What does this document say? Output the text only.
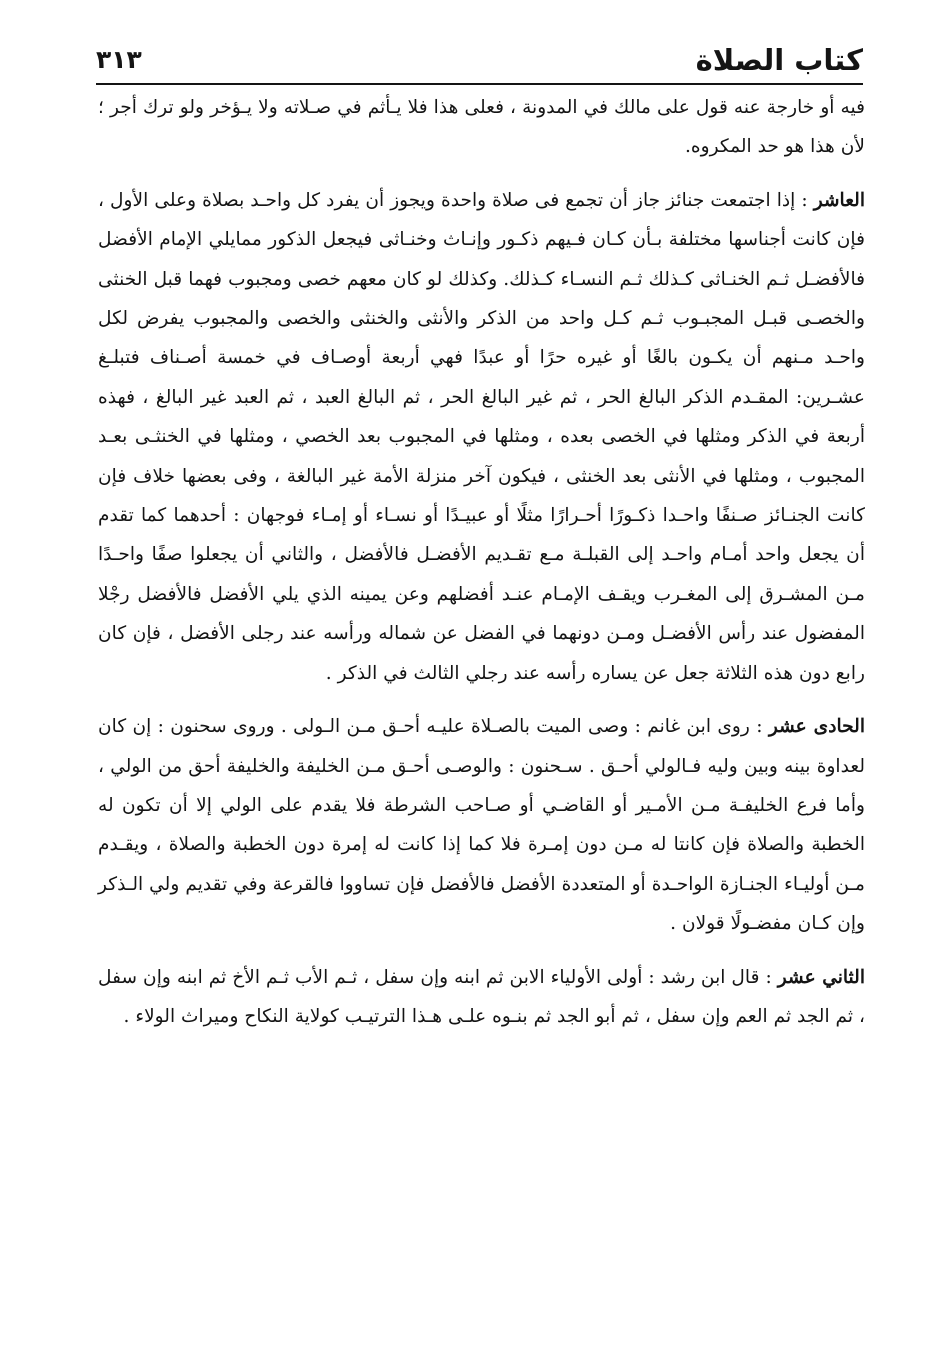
كتاب الصلاة
٣١٣

فيه أو خارجة عنه قول على مالك في المدونة ، فعلى هذا فلا يـأثم في صـلاته ولا يـؤخر ولو ترك أجر ؛ لأن هذا هو حد المكروه.

العاشر : إذا اجتمعت جنائز جاز أن تجمع فى صلاة واحدة ويجوز أن يفرد كل واحـد بصلاة وعلى الأول ، فإن كانت أجناسها مختلفة بـأن كـان فـيهم ذكـور وإنـاث وخنـاثى فيجعل الذكور ممايلي الإمام الأفضل فالأفضـل ثـم الخنـاثى كـذلك ثـم النسـاء كـذلك. وكذلك لو كان معهم خصى ومجبوب فهما قبل الخنثى والخصـى قبـل المجبـوب ثـم كـل واحد من الذكر والأنثى والخنثى والخصى والمجبوب يفرض لكل واحـد مـنهم أن يكـون بالغًا أو غيره حرًا أو عبدًا فهي أربعة أوصـاف في خمسة أصـناف فتبلـغ عشـرين: المقـدم الذكر البالغ الحر ، ثم غير البالغ الحر ، ثم البالغ العبد ، ثم العبد غير البالغ ، فهذه أربعة في الذكر ومثلها في الخصى بعده ، ومثلها في المجبوب بعد الخصي ، ومثلها في الخنثـى بعـد المجبوب ، ومثلها في الأنثى بعد الخنثى ، فيكون آخر منزلة الأمة غير البالغة ، وفى بعضها خلاف فإن كانت الجنـائز صـنفًا واحـدا ذكـورًا أحـرارًا مثلًا أو عبيـدًا أو نسـاء أو إمـاء فوجهان : أحدهما كما تقدم أن يجعل واحد أمـام واحـد إلى القبلـة مـع تقـديم الأفضـل فالأفضل ، والثاني أن يجعلوا صفًا واحـدًا مـن المشـرق إلى المغـرب ويقـف الإمـام عنـد أفضلهم وعن يمينه الذي يلي الأفضل فالأفضل رجْلا المفضول عند رأس الأفضـل ومـن دونهما في الفضل عن شماله ورأسه عند رجلى الأفضل ، فإن كان رابع دون هذه الثلاثة جعل عن يساره رأسه عند رجلي الثالث في الذكر .

الحادى عشر : روى ابن غانم : وصى الميت بالصـلاة عليـه أحـق مـن الـولى . وروى سحنون : إن كان لعداوة بينه وبين وليه فـالولي أحـق . سـحنون : والوصـى أحـق مـن الخليفة والخليفة أحق من الولي ، وأما فرع الخليفـة مـن الأمـير أو القاضـي أو صـاحب الشرطة فلا يقدم على الولي إلا أن تكون له الخطبة والصلاة فإن كانتا له مـن دون إمـرة فلا كما إذا كانت له إمرة دون الخطبة والصلاة ، ويقـدم مـن أوليـاء الجنـازة الواحـدة أو المتعددة الأفضل فالأفضل فإن تساووا فالقرعة وفي تقديم ولي الـذكر وإن كـان مفضـولًا قولان .

الثاني عشر : قال ابن رشد : أولى الأولياء الابن ثم ابنه وإن سفل ، ثـم الأب ثـم الأخ ثم ابنه وإن سفل ، ثم الجد ثم العم وإن سفل ، ثم أبو الجد ثم بنـوه علـى هـذا الترتيـب كولاية النكاح وميراث الولاء .
